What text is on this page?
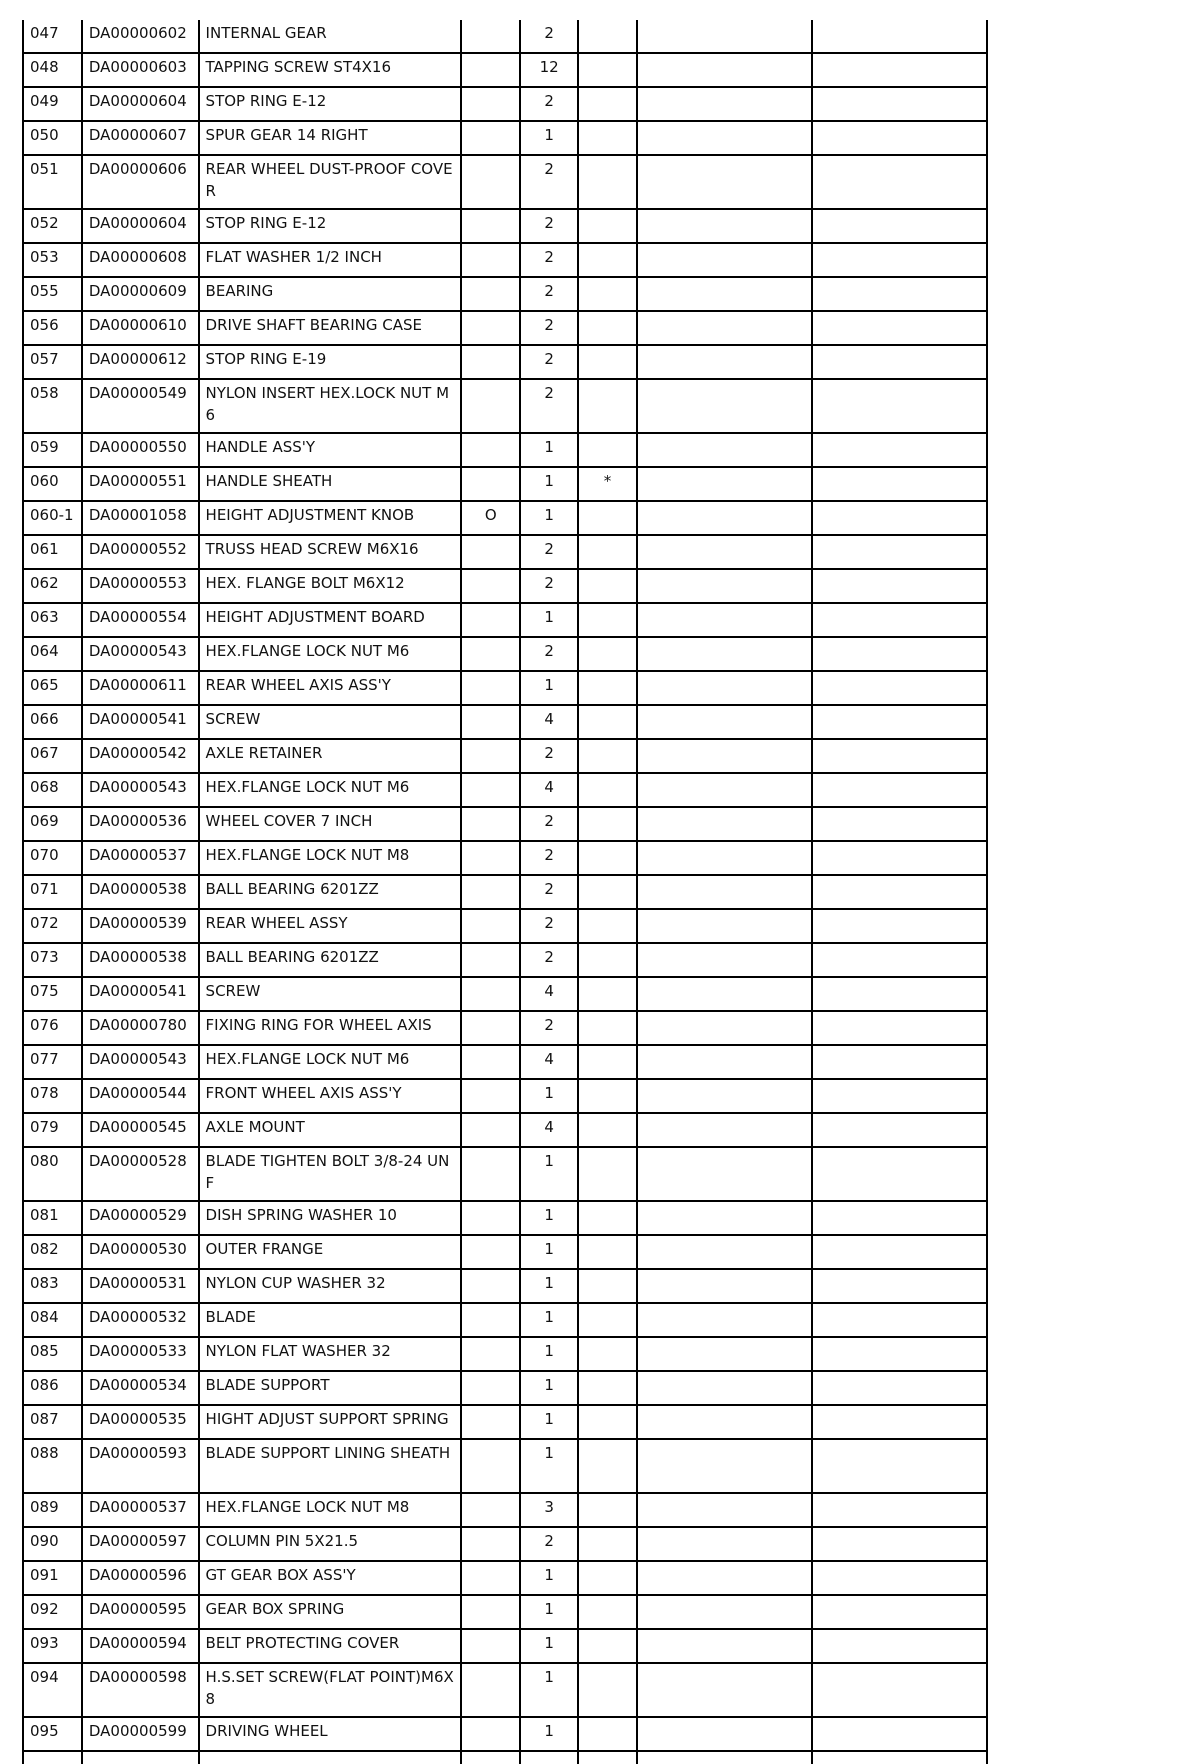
047	DA00000602	INTERNAL GEAR		2			
048	DA00000603	TAPPING SCREW ST4X16		12			
049	DA00000604	STOP RING E-12		2			
050	DA00000607	SPUR GEAR 14 RIGHT		1			
051	DA00000606	REAR WHEEL DUST-PROOF COVER		2			
052	DA00000604	STOP RING E-12		2			
053	DA00000608	FLAT WASHER 1/2 INCH		2			
055	DA00000609	BEARING		2			
056	DA00000610	DRIVE SHAFT BEARING CASE		2			
057	DA00000612	STOP RING E-19		2			
058	DA00000549	NYLON INSERT HEX.LOCK NUT M6		2			
059	DA00000550	HANDLE ASS'Y		1			
060	DA00000551	HANDLE SHEATH		1	*		
060-1	DA00001058	HEIGHT ADJUSTMENT KNOB	O	1			
061	DA00000552	TRUSS HEAD SCREW M6X16		2			
062	DA00000553	HEX. FLANGE BOLT M6X12		2			
063	DA00000554	HEIGHT ADJUSTMENT BOARD		1			
064	DA00000543	HEX.FLANGE LOCK NUT M6		2			
065	DA00000611	REAR WHEEL AXIS ASS'Y		1			
066	DA00000541	SCREW		4			
067	DA00000542	AXLE RETAINER		2			
068	DA00000543	HEX.FLANGE LOCK NUT M6		4			
069	DA00000536	WHEEL COVER 7 INCH		2			
070	DA00000537	HEX.FLANGE LOCK NUT M8		2			
071	DA00000538	BALL BEARING 6201ZZ		2			
072	DA00000539	REAR WHEEL ASSY		2			
073	DA00000538	BALL BEARING 6201ZZ		2			
075	DA00000541	SCREW		4			
076	DA00000780	FIXING RING FOR WHEEL AXIS		2			
077	DA00000543	HEX.FLANGE LOCK NUT M6		4			
078	DA00000544	FRONT WHEEL AXIS ASS'Y		1			
079	DA00000545	AXLE MOUNT		4			
080	DA00000528	BLADE TIGHTEN BOLT 3/8-24 UNF		1			
081	DA00000529	DISH SPRING WASHER 10		1			
082	DA00000530	OUTER FRANGE		1			
083	DA00000531	NYLON CUP WASHER 32		1			
084	DA00000532	BLADE		1			
085	DA00000533	NYLON FLAT WASHER 32		1			
086	DA00000534	BLADE SUPPORT		1			
087	DA00000535	HIGHT ADJUST SUPPORT SPRING		1			
088	DA00000593	BLADE SUPPORT LINING SHEATH		1			
089	DA00000537	HEX.FLANGE LOCK NUT M8		3			
090	DA00000597	COLUMN PIN 5X21.5		2			
091	DA00000596	GT GEAR BOX ASS'Y		1			
092	DA00000595	GEAR BOX SPRING		1			
093	DA00000594	BELT PROTECTING COVER		1			
094	DA00000598	H.S.SET SCREW(FLAT POINT)M6X8		1			
095	DA00000599	DRIVING WHEEL		1			
